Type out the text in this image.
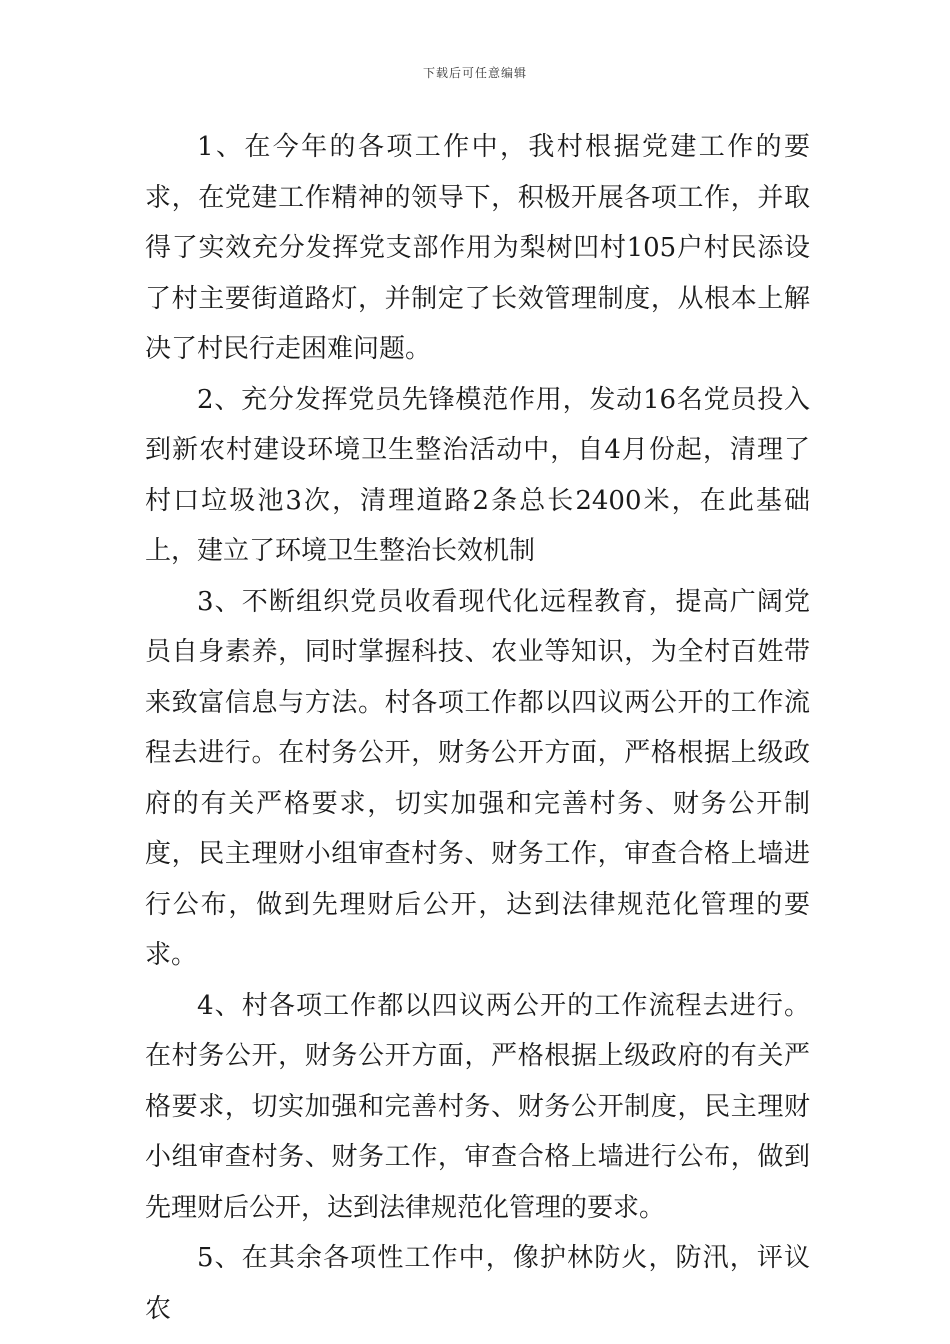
下载后可任意编辑

1、在今年的各项工作中，我村根据党建工作的要求，在党建工作精神的领导下，积极开展各项工作，并取得了实效充分发挥党支部作用为梨树凹村105户村民添设了村主要街道路灯，并制定了长效管理制度，从根本上解决了村民行走困难问题。

2、充分发挥党员先锋模范作用，发动16名党员投入到新农村建设环境卫生整治活动中，自4月份起，清理了村口垃圾池3次，清理道路2条总长2400米，在此基础上，建立了环境卫生整治长效机制

3、不断组织党员收看现代化远程教育，提高广阔党员自身素养，同时掌握科技、农业等知识，为全村百姓带来致富信息与方法。村各项工作都以四议两公开的工作流程去进行。在村务公开，财务公开方面，严格根据上级政府的有关严格要求，切实加强和完善村务、财务公开制度，民主理财小组审查村务、财务工作，审查合格上墙进行公布，做到先理财后公开，达到法律规范化管理的要求。

4、村各项工作都以四议两公开的工作流程去进行。在村务公开，财务公开方面，严格根据上级政府的有关严格要求，切实加强和完善村务、财务公开制度，民主理财小组审查村务、财务工作，审查合格上墙进行公布，做到先理财后公开，达到法律规范化管理的要求。

5、在其余各项性工作中，像护林防火，防汛，评议农
